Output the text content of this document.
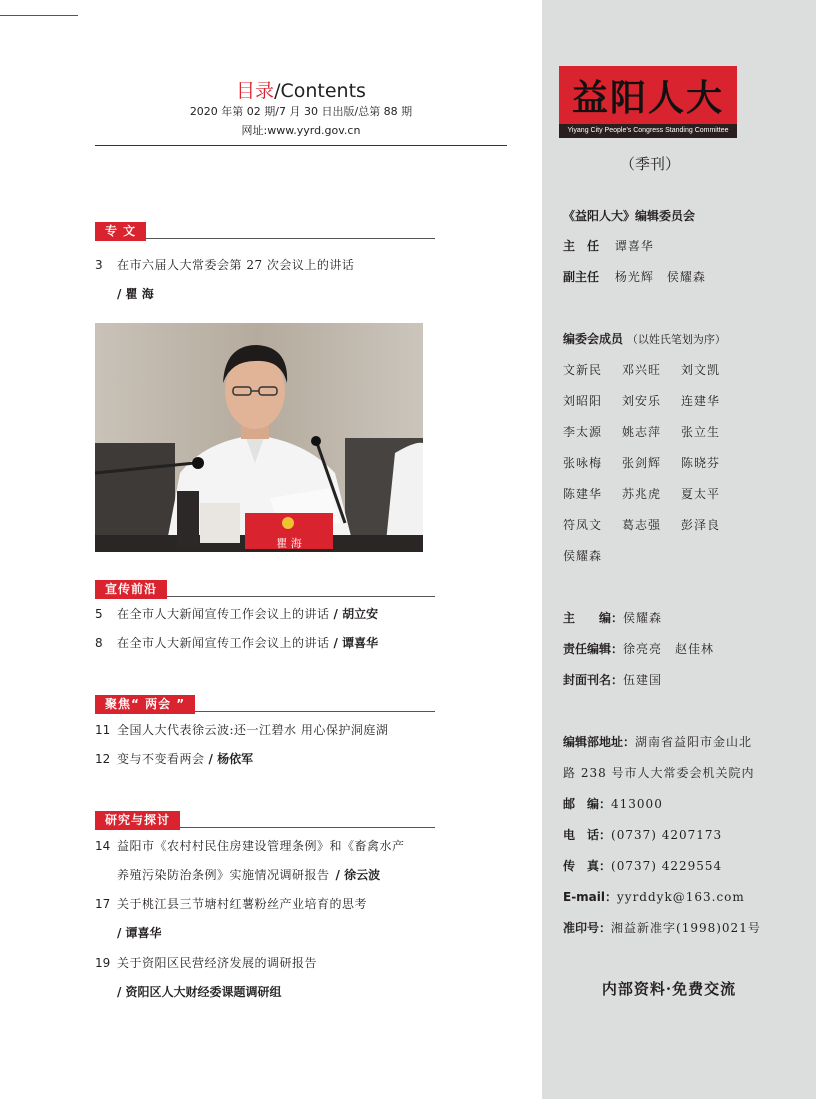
目录/Contents
2020 年第 02 期/7 月 30 日出版/总第 88 期
网址:www.yyrd.gov.cn
专 文
3 在市六届人大常委会第 27 次会议上的讲话
/ 瞿 海
瞿 海
宣传前沿
5 在全市人大新闻宣传工作会议上的讲话 / 胡立安
8 在全市人大新闻宣传工作会议上的讲话 / 谭喜华
聚焦“ 两会 ”
11 全国人大代表徐云波:还一江碧水 用心保护洞庭湖
12 变与不变看两会 / 杨依军
研究与探讨
14 益阳市《农村村民住房建设管理条例》和《畜禽水产
养殖污染防治条例》实施情况调研报告 / 徐云波
17 关于桃江县三节塘村红薯粉丝产业培育的思考
/ 谭喜华
19 关于资阳区民营经济发展的调研报告
/ 资阳区人大财经委课题调研组
益阳人大
Yiyang City People’s Congress Standing Committee
（季刊）
《益阳人大》编辑委员会
主　任 谭喜华
副主任 杨光辉　侯耀森
编委会成员 （以姓氏笔划为序）
文新民 邓兴旺 刘文凯
刘昭阳 刘安乐 连建华
李太源 姚志萍 张立生
张咏梅 张剑辉 陈晓芬
陈建华 苏兆虎 夏太平
符凤文 葛志强 彭泽良
侯耀森
主　　编：侯耀森
责任编辑：徐亮亮　赵佳林
封面刊名：伍建国
编辑部地址：湖南省益阳市金山北
路 238 号市人大常委会机关院内
邮　编：413000
电　话：(0737) 4207173
传　真：(0737) 4229554
E-mail：yyrddyk@163.com
准印号：湘益新准字(1998)021号
内部资料·免费交流
